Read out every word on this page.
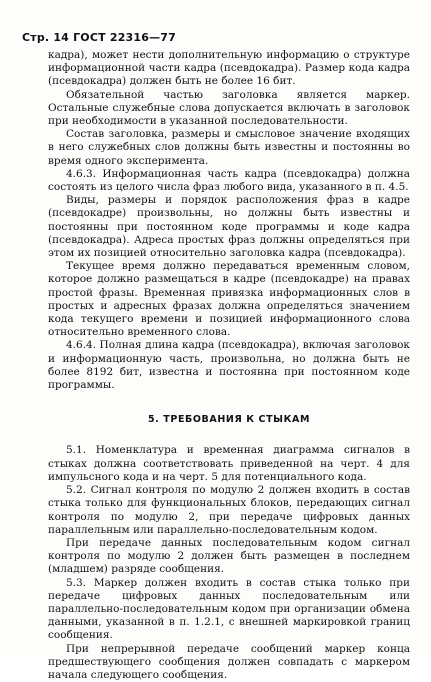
Стр. 14 ГОСТ 22316—77

кадра), может нести дополнительную информацию о структуре информационной части кадра (псевдокадра). Размер кода кадра (псевдокадра) должен быть не более 16 бит.

Обязательной частью заголовка является маркер. Остальные служебные слова допускается включать в заголовок при необходимости в указанной последовательности.

Состав заголовка, размеры и смысловое значение входящих в него служебных слов должны быть известны и постоянны во время одного эксперимента.

4.6.3. Информационная часть кадра (псевдокадра) должна состоять из целого числа фраз любого вида, указанного в п. 4.5.

Виды, размеры и порядок расположения фраз в кадре (псевдокадре) произвольны, но должны быть известны и постоянны при постоянном коде программы и коде кадра (псевдокадра). Адреса простых фраз должны определяться при этом их позицией относительно заголовка кадра (псевдокадра).

Текущее время должно передаваться временным словом, которое должно размещаться в кадре (псевдокадре) на правах простой фразы. Временная привязка информационных слов в простых и адресных фразах должна определяться значением кода текущего времени и позицией информационного слова относительно временного слова.

4.6.4. Полная длина кадра (псевдокадра), включая заголовок и информационную часть, произвольна, но должна быть не более 8192 бит, известна и постоянна при постоянном коде программы.

5. ТРЕБОВАНИЯ К СТЫКАМ

5.1. Номенклатура и временная диаграмма сигналов в стыках должна соответствовать приведенной на черт. 4 для импульсного кода и на черт. 5 для потенциального кода.

5.2. Сигнал контроля по модулю 2 должен входить в состав стыка только для функциональных блоков, передающих сигнал контроля по модулю 2, при передаче цифровых данных параллельным или параллельно-последовательным кодом.

При передаче данных последовательным кодом сигнал контроля по модулю 2 должен быть размещен в последнем (младшем) разряде сообщения.

5.3. Маркер должен входить в состав стыка только при передаче цифровых данных последовательным или параллельно-последовательным кодом при организации обмена данными, указанной в п. 1.2.1, с внешней маркировкой границ сообщения.

При непрерывной передаче сообщений маркер конца предшествующего сообщения должен совпадать с маркером начала следующего сообщения.
